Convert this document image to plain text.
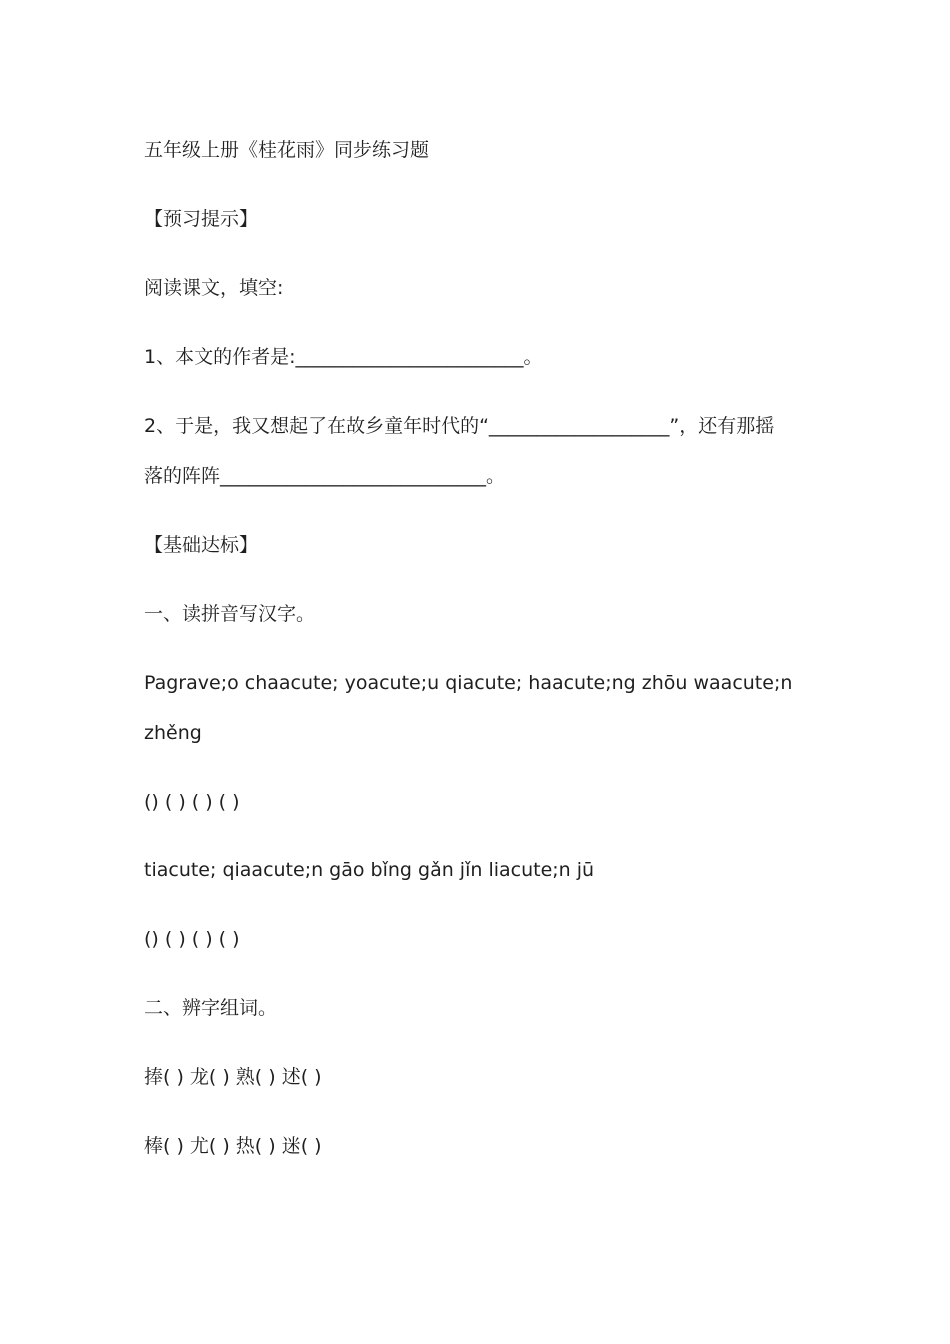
五年级上册《桂花雨》同步练习题
【预习提示】
阅读课文，填空:
1、本文的作者是:________________________。
2、于是，我又想起了在故乡童年时代的“___________________”，还有那摇
落的阵阵____________________________。
【基础达标】
一、读拼音写汉字。
Pagrave;o chaacute; yoacute;u qiacute; haacute;ng zhōu waacute;n
zhěng
() ( ) ( ) ( )
tiacute; qiaacute;n gāo bǐng gǎn jǐn liacute;n jū
() ( ) ( ) ( )
二、辨字组词。
捧( ) 龙( ) 熟( ) 述( )
棒( ) 尤( ) 热( ) 迷( )
